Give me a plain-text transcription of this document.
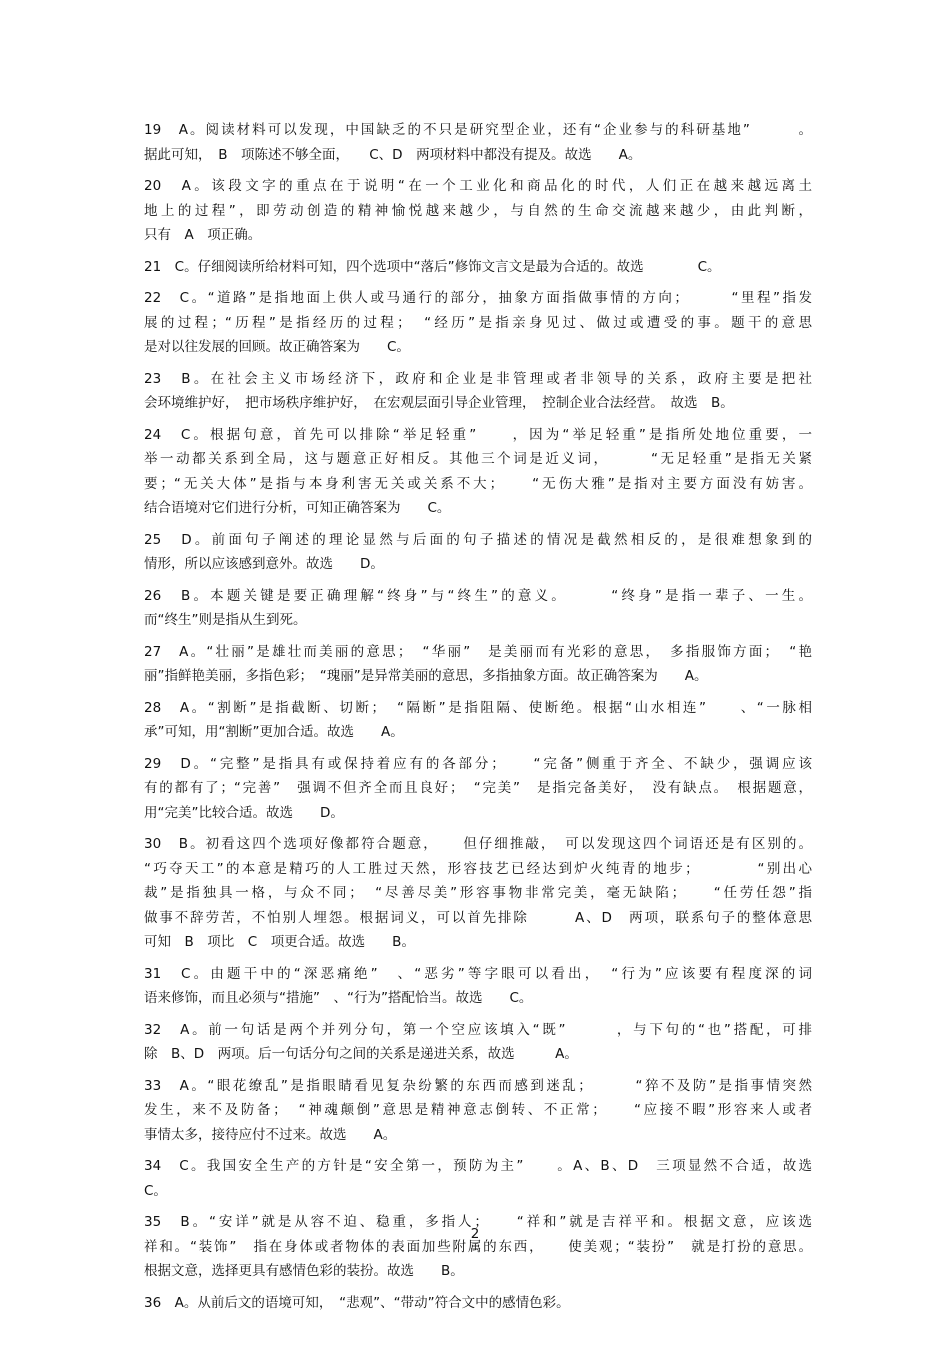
19　A。阅读材料可以发现，中国缺乏的不只是研究型企业，还有“企业参与的科研基地”　　　。
据此可知，　B　项陈述不够全面，　　C、D　两项材料中都没有提及。故选　　A。
20　A。该段文字的重点在于说明“在一个工业化和商品化的时代，人们正在越来越远离土
地上的过程”，即劳动创造的精神愉悦越来越少，与自然的生命交流越来越少，由此判断，
只有　A　项正确。
21　C。仔细阅读所给材料可知，四个选项中“落后”修饰文言文是最为合适的。故选　　　　C。
22　C。“道路”是指地面上供人或马通行的部分，抽象方面指做事情的方向；　　　“里程”指发
展的过程；“历程”是指经历的过程；　“经历”是指亲身见过、做过或遭受的事。题干的意思
是对以往发展的回顾。故正确答案为　　C。
23　B。在社会主义市场经济下，政府和企业是非管理或者非领导的关系，政府主要是把社
会环境维护好，　把市场秩序维护好，　在宏观层面引导企业管理，　控制企业合法经营。　故选　B。
24　C。根据句意，首先可以排除“举足轻重”　　，因为“举足轻重”是指所处地位重要，一
举一动都关系到全局，这与题意正好相反。其他三个词是近义词，　　　“无足轻重”是指无关紧
要；“无关大体”是指与本身利害无关或关系不大；　　“无伤大雅”是指对主要方面没有妨害。
结合语境对它们进行分析，可知正确答案为　　C。
25　D。前面句子阐述的理论显然与后面的句子描述的情况是截然相反的，是很难想象到的
情形，所以应该感到意外。故选　　D。
26　B。本题关键是要正确理解“终身”与“终生”的意义。　　　“终身”是指一辈子、一生。
而“终生”则是指从生到死。
27　A。“壮丽”是雄壮而美丽的意思；　“华丽”　是美丽而有光彩的意思，　多指服饰方面；　“艳
丽”指鲜艳美丽，多指色彩；　“瑰丽”是异常美丽的意思，多指抽象方面。故正确答案为　　A。
28　A。“割断”是指截断、切断；　“隔断”是指阻隔、使断绝。根据“山水相连”　　、“一脉相
承”可知，用“割断”更加合适。故选　　A。
29　D。“完整”是指具有或保持着应有的各部分；　　“完备”侧重于齐全、不缺少，强调应该
有的都有了；“完善”　强调不但齐全而且良好；　“完美”　是指完备美好，　没有缺点。　根据题意，
用“完美”比较合适。故选　　D。
30　B。初看这四个选项好像都符合题意，　　但仔细推敲，　可以发现这四个词语还是有区别的。
“巧夺天工”的本意是精巧的人工胜过天然，形容技艺已经达到炉火纯青的地步；　　　　“别出心
裁”是指独具一格，与众不同；　“尽善尽美”形容事物非常完美，毫无缺陷；　　“任劳任怨”指
做事不辞劳苦，不怕别人埋怨。根据词义，可以首先排除　　　A、D　两项，联系句子的整体意思
可知　B　项比　C　项更合适。故选　　B。
31　C。由题干中的“深恶痛绝”　、“恶劣”等字眼可以看出，　“行为”应该要有程度深的词
语来修饰，而且必须与“措施”　、“行为”搭配恰当。故选　　C。
32　A。前一句话是两个并列分句，第一个空应该填入“既”　　　，与下句的“也”搭配，可排
除　B、D　两项。后一句话分句之间的关系是递进关系，故选　　　A。
33　A。“眼花缭乱”是指眼睛看见复杂纷繁的东西而感到迷乱；　　　“猝不及防”是指事情突然
发生，来不及防备；　“神魂颠倒”意思是精神意志倒转、不正常；　　“应接不暇”形容来人或者
事情太多，接待应付不过来。故选　　A。
34　C。我国安全生产的方针是“安全第一，预防为主”　　。A、B、D　三项显然不合适，故选
C。
35　B。“安详”就是从容不迫、稳重，多指人；　　“祥和”就是吉祥平和。根据文意，应该选
祥和。“装饰”　指在身体或者物体的表面加些附属的东西，　　使美观；“装扮”　就是打扮的意思。
根据文意，选择更具有感情色彩的装扮。故选　　B。
36　A。从前后文的语境可知，　“悲观”、“带动”符合文中的感情色彩。
2
